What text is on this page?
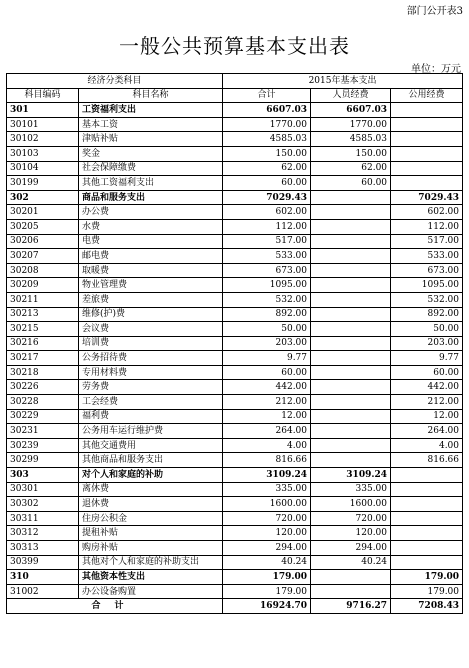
部门公开表3
一般公共预算基本支出表
单位：万元
经济分类科目		2015年基本支出		
科目编码	科目名称	合计	人员经费	公用经费
301	工资福利支出	6607.03	6607.03	
30101	基本工资	1770.00	1770.00	
30102	津贴补贴	4585.03	4585.03	
30103	奖金	150.00	150.00	
30104	社会保障缴费	62.00	62.00	
30199	其他工资福利支出	60.00	60.00	
302	商品和服务支出	7029.43		7029.43
30201	办公费	602.00		602.00
30205	水费	112.00		112.00
30206	电费	517.00		517.00
30207	邮电费	533.00		533.00
30208	取暖费	673.00		673.00
30209	物业管理费	1095.00		1095.00
30211	差旅费	532.00		532.00
30213	维修(护)费	892.00		892.00
30215	会议费	50.00		50.00
30216	培训费	203.00		203.00
30217	公务招待费	9.77		9.77
30218	专用材料费	60.00		60.00
30226	劳务费	442.00		442.00
30228	工会经费	212.00		212.00
30229	福利费	12.00		12.00
30231	公务用车运行维护费	264.00		264.00
30239	其他交通费用	4.00		4.00
30299	其他商品和服务支出	816.66		816.66
303	对个人和家庭的补助	3109.24	3109.24	
30301	离休费	335.00	335.00	
30302	退休费	1600.00	1600.00	
30311	住房公积金	720.00	720.00	
30312	提租补贴	120.00	120.00	
30313	购房补贴	294.00	294.00	
30399	其他对个人和家庭的补助支出	40.24	40.24	
310	其他资本性支出	179.00		179.00
31002	办公设备购置	179.00		179.00
合计		16924.70	9716.27	7208.43
